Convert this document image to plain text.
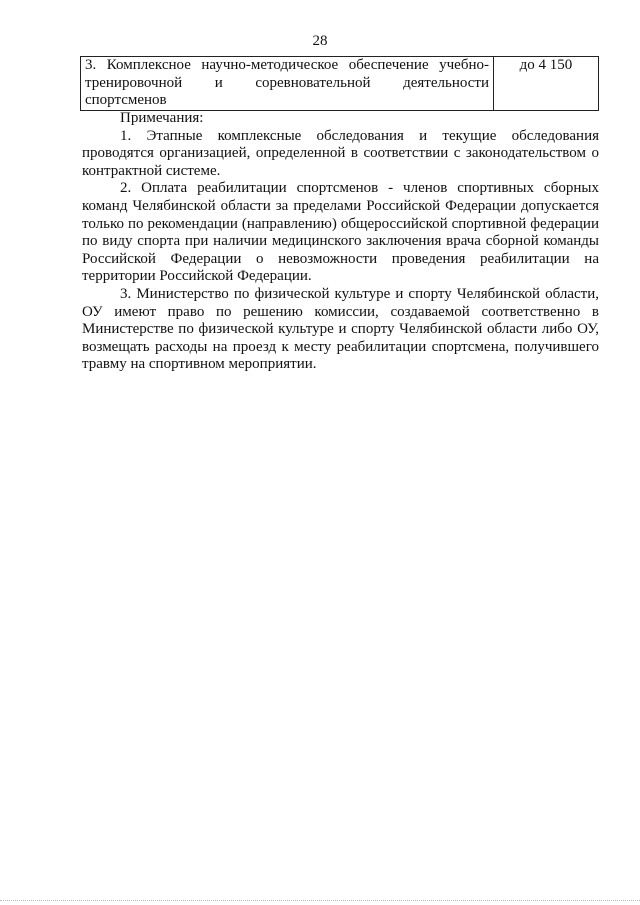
28
3. Комплексное научно-методическое обеспечение учебно-
тренировочной и соревновательной деятельности
спортсменов
	до 4 150

Примечания:

1. Этапные комплексные обследования и текущие обследования проводятся организацией, определенной в соответствии с законодательством о контрактной системе.

2. Оплата реабилитации спортсменов - членов спортивных сборных команд Челябинской области за пределами Российской Федерации допускается только по рекомендации (направлению) общероссийской спортивной федерации по виду спорта при наличии медицинского заключения врача сборной команды Российской Федерации о невозможности проведения реабилитации на территории Российской Федерации.

3. Министерство по физической культуре и спорту Челябинской области, ОУ имеют право по решению комиссии, создаваемой соответственно в Министерстве по физической культуре и спорту Челябинской области либо ОУ, возмещать расходы на проезд к месту реабилитации спортсмена, получившего травму на спортивном мероприятии.
